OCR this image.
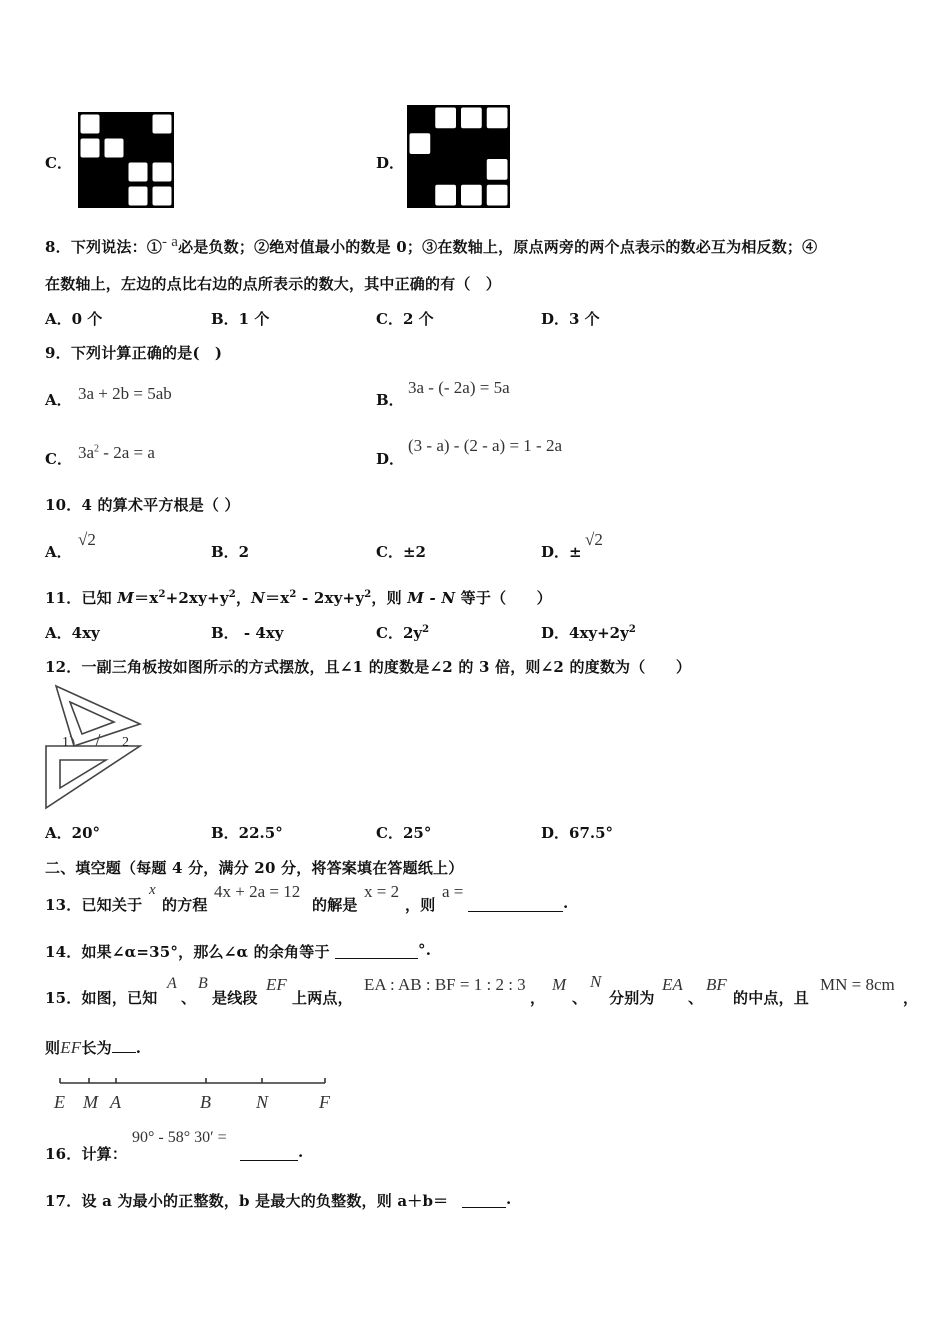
C．	D．
8．下列说法：①- a必是负数；②绝对值最小的数是 0；③在数轴上，原点两旁的两个点表示的数必互为相反数；④
在数轴上，左边的点比右边的点所表示的数大，其中正确的有（　）
A．0 个	B．1 个	C．2 个	D．3 个
9．下列计算正确的是(　)
A． 3a + 2b = 5ab	B．
3a - (- 2a) = 5a
C． $3a^2 - 2a = a$	D．
(3 - a) - (2 - a) = 1 - 2a
10．4 的算术平方根是（ ）
A．
√2
B．2	C．±2	D．±
√2
11．已知 $M=x^2+2xy+y^2$，$N=x^2 - 2xy+y^2$，则 M - N 等于（　　）
A．4xy	B． - 4xy	C．$2y^2$	D．$4xy+2y^2$
12．一副三角板按如图所示的方式摆放，且∠1 的度数是∠2 的 3 倍，则∠2 的度数为（　　）
1	2
A．20°	B．22.5°	C．25°	D．67.5°
二、填空题（每题 4 分，满分 20 分，将答案填在答题纸上）
13．已知关于
x
的方程
4x + 2a = 12
的解是
x = 2
，则
a =
.
14．如果∠α=35°，那么∠α 的余角等于	°.
15．如图，已知
A
、
B
是线段
EF
上两点，
EA : AB : BF = 1 : 2 : 3
，
M
、
N
分别为
EA
、
BF
的中点，且
MN = 8cm
，
则EF长为 .
E M A	B	N	F
16．计算：
90° - 58° 30′ =
.
17．设 a 为最小的正整数，b 是最大的负整数，则 a＋b＝	.
